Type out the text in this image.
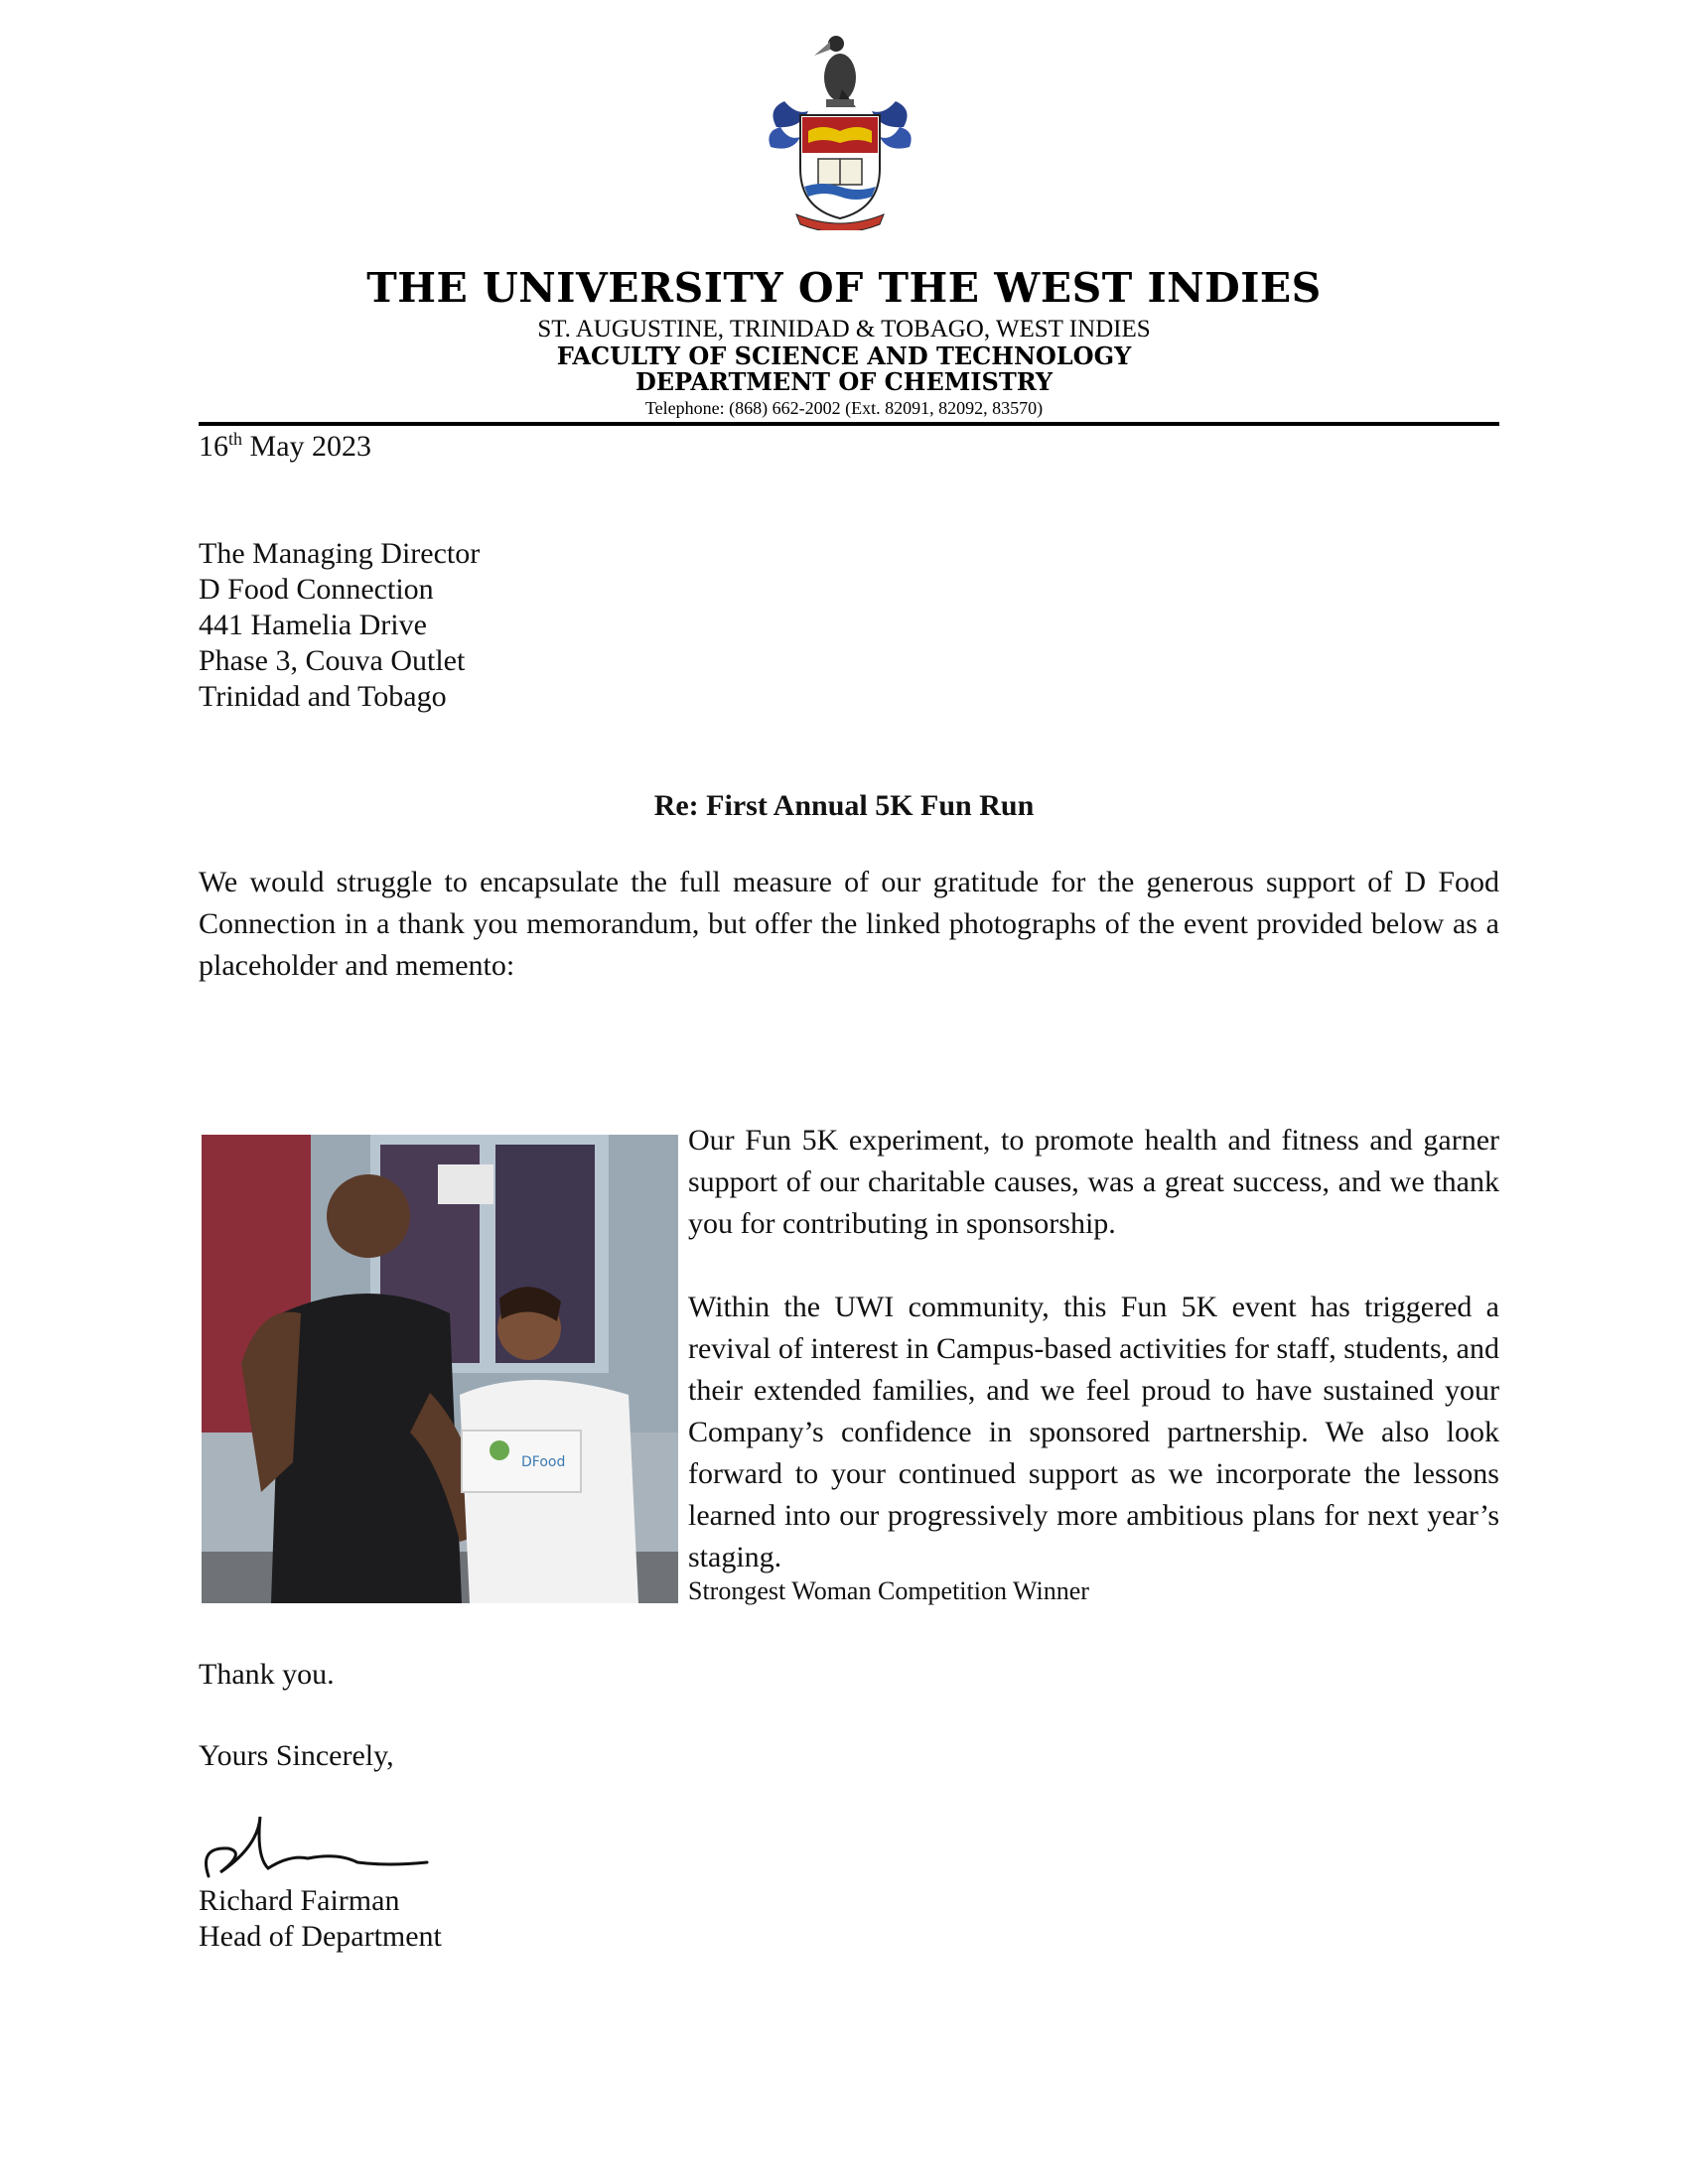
THE UNIVERSITY OF THE WEST INDIES
ST. AUGUSTINE, TRINIDAD & TOBAGO, WEST INDIES
FACULTY OF SCIENCE AND TECHNOLOGY
DEPARTMENT OF CHEMISTRY
Telephone: (868) 662-2002 (Ext. 82091, 82092, 83570)
16th May 2023
The Managing Director
D Food Connection
441 Hamelia Drive
Phase 3, Couva Outlet
Trinidad and Tobago
Re: First Annual 5K Fun Run
We would struggle to encapsulate the full measure of our gratitude for the generous support of D Food Connection in a thank you memorandum, but offer the linked photographs of the event provided below as a placeholder and memento:
DFood

Our Fun 5K experiment, to promote health and fitness and garner support of our charitable causes, was a great success, and we thank you for contributing in sponsorship.

Within the UWI community, this Fun 5K event has triggered a revival of interest in Campus-based activities for staff, students, and their extended families, and we feel proud to have sustained your Company’s confidence in sponsored partnership. We also look forward to your continued support as we incorporate the lessons learned into our progressively more ambitious plans for next year’s staging.

Strongest Woman Competition Winner
Thank you.
Yours Sincerely,
Richard Fairman
Head of Department
